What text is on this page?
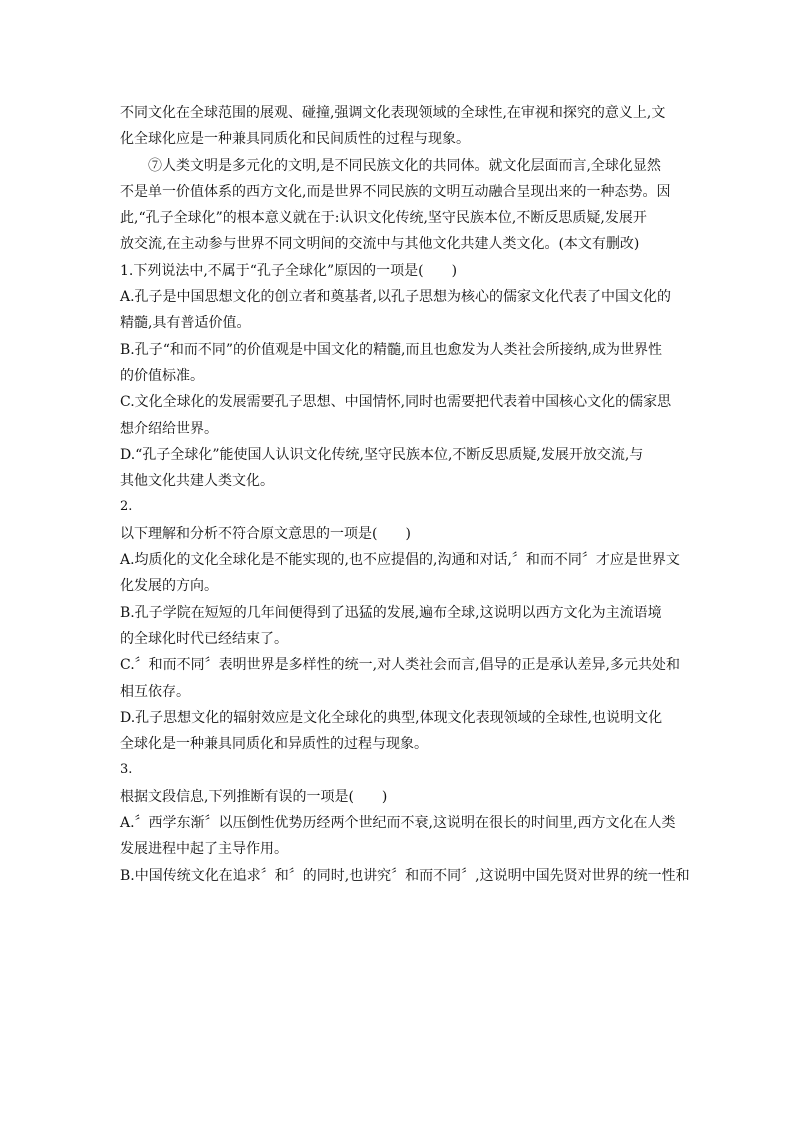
不同文化在全球范围的展观、碰撞,强调文化表现领域的全球性,在审视和探究的意义上,文

化全球化应是一种兼具同质化和民间质性的过程与现象。

⑦人类文明是多元化的文明,是不同民族文化的共同体。就文化层面而言,全球化显然

不是单一价值体系的西方文化,而是世界不同民族的文明互动融合呈现出来的一种态势。因

此,“孔子全球化”的根本意义就在于:认识文化传统,坚守民族本位,不断反思质疑,发展开

放交流,在主动参与世界不同文明间的交流中与其他文化共建人类文化。(本文有删改)

1.下列说法中,不属于“孔子全球化”原因的一项是(　　)

A.孔子是中国思想文化的创立者和奠基者,以孔子思想为核心的儒家文化代表了中国文化的

精髓,具有普适价值。

B.孔子“和而不同”的价值观是中国文化的精髓,而且也愈发为人类社会所接纳,成为世界性

的价值标准。

C.文化全球化的发展需要孔子思想、中国情怀,同时也需要把代表着中国核心文化的儒家思

想介绍给世界。

D.“孔子全球化”能使国人认识文化传统,坚守民族本位,不断反思质疑,发展开放交流,与

其他文化共建人类文化。

2.

以下理解和分析不符合原文意思的一项是(　　)

A.均质化的文化全球化是不能实现的,也不应提倡的,沟通和对话,〞和而不同〞才应是世界文

化发展的方向。

B.孔子学院在短短的几年间便得到了迅猛的发展,遍布全球,这说明以西方文化为主流语境

的全球化时代已经结束了。

C.〞和而不同〞表明世界是多样性的统一,对人类社会而言,倡导的正是承认差异,多元共处和

相互依存。

D.孔子思想文化的辐射效应是文化全球化的典型,体现文化表现领域的全球性,也说明文化

全球化是一种兼具同质化和异质性的过程与现象。

3.

根据文段信息,下列推断有误的一项是(　　)

A.〞西学东渐〞以压倒性优势历经两个世纪而不衰,这说明在很长的时间里,西方文化在人类

发展进程中起了主导作用。

B.中国传统文化在追求〞和〞的同时,也讲究〞和而不同〞,这说明中国先贤对世界的统一性和
